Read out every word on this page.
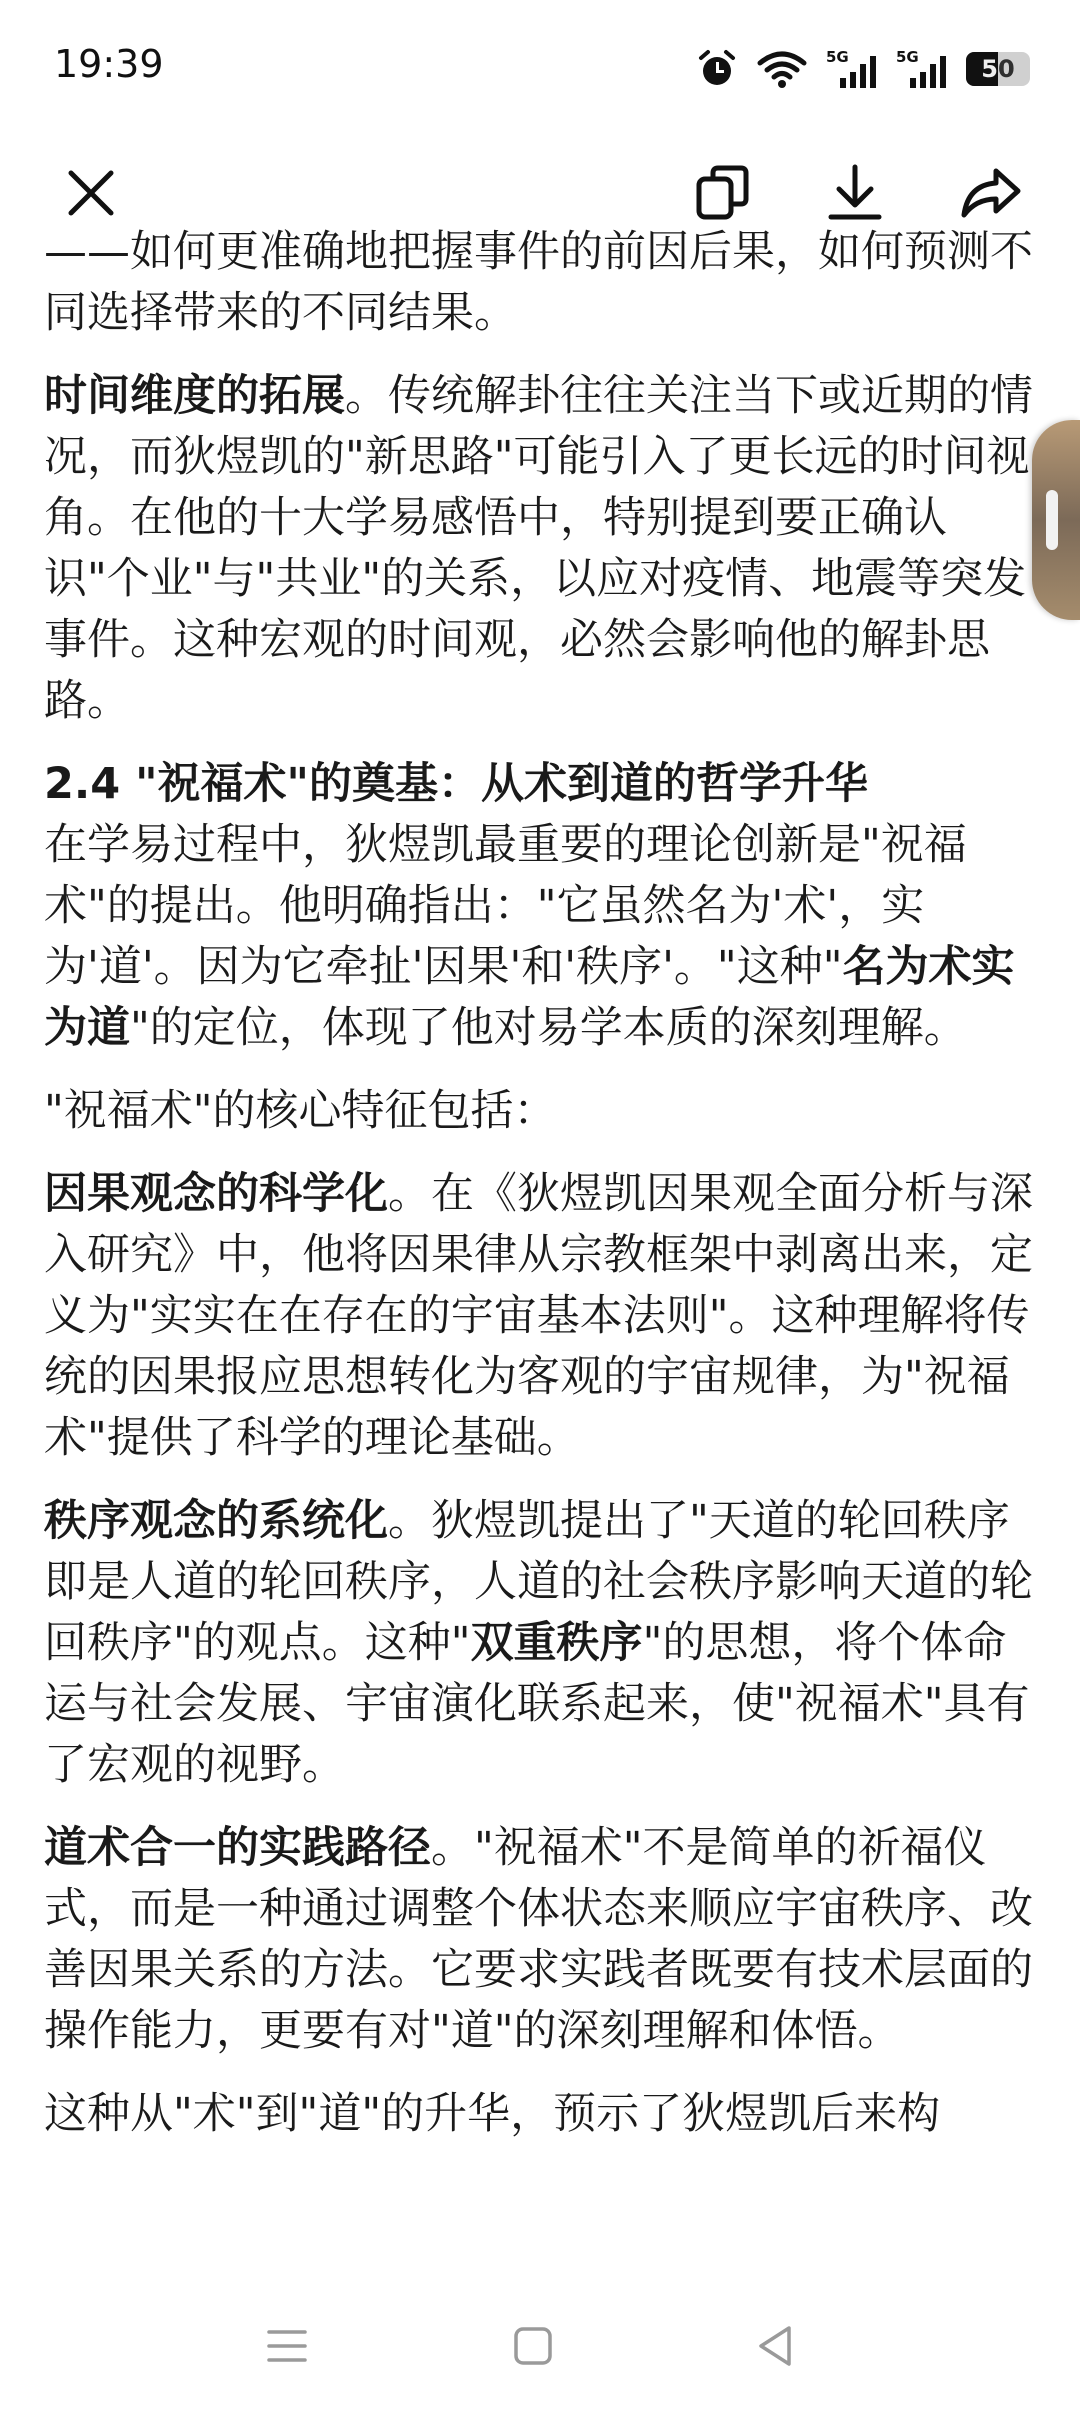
19:39	5G	5G	50

——如何更准确地把握事件的前因后果，如何预测不同选择带来的不同结果。

时间维度的拓展。传统解卦往往关注当下或近期的情况，而狄煜凯的"新思路"可能引入了更长远的时间视角。在他的十大学易感悟中，特别提到要正确认识"个业"与"共业"的关系，以应对疫情、地震等突发事件。这种宏观的时间观，必然会影响他的解卦思路。

2.4 "祝福术"的奠基：从术到道的哲学升华

在学易过程中，狄煜凯最重要的理论创新是"祝福术"的提出。他明确指出："它虽然名为'术'，实为'道'。因为它牵扯'因果'和'秩序'。"这种"名为术实为道"的定位，体现了他对易学本质的深刻理解。

"祝福术"的核心特征包括：

因果观念的科学化。在《狄煜凯因果观全面分析与深入研究》中，他将因果律从宗教框架中剥离出来，定义为"实实在在存在的宇宙基本法则"。这种理解将传统的因果报应思想转化为客观的宇宙规律，为"祝福术"提供了科学的理论基础。

秩序观念的系统化。狄煜凯提出了"天道的轮回秩序即是人道的轮回秩序，人道的社会秩序影响天道的轮回秩序"的观点。这种"双重秩序"的思想，将个体命运与社会发展、宇宙演化联系起来，使"祝福术"具有了宏观的视野。

道术合一的实践路径。"祝福术"不是简单的祈福仪式，而是一种通过调整个体状态来顺应宇宙秩序、改善因果关系的方法。它要求实践者既要有技术层面的操作能力，更要有对"道"的深刻理解和体悟。

这种从"术"到"道"的升华，预示了狄煜凯后来构
